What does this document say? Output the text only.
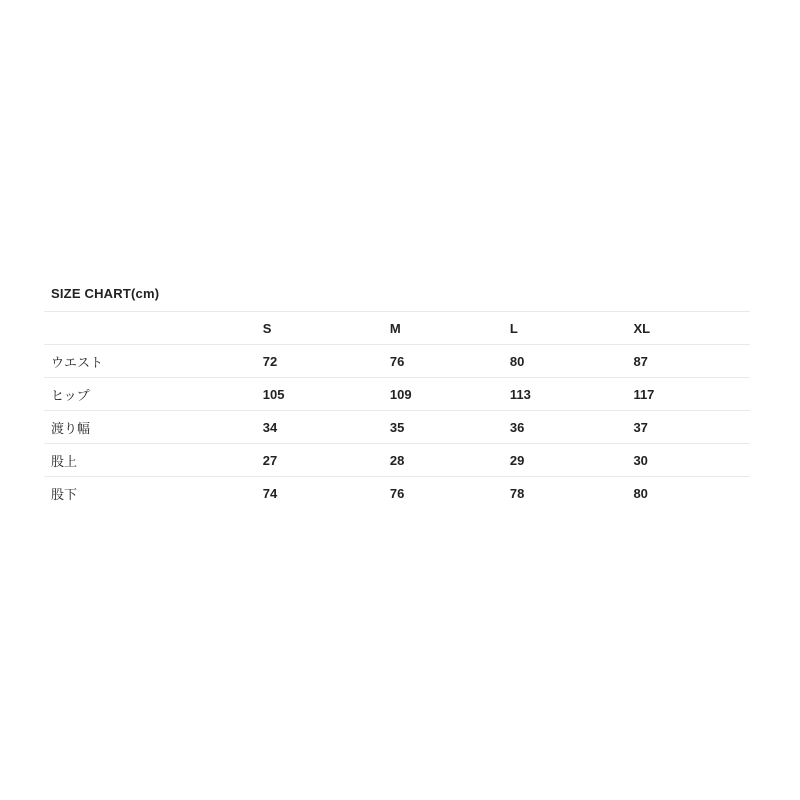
SIZE CHART(cm)
	S	M	L	XL
ウエスト	72	76	80	87
ヒップ	105	109	113	117
渡り幅	34	35	36	37
股上	27	28	29	30
股下	74	76	78	80
